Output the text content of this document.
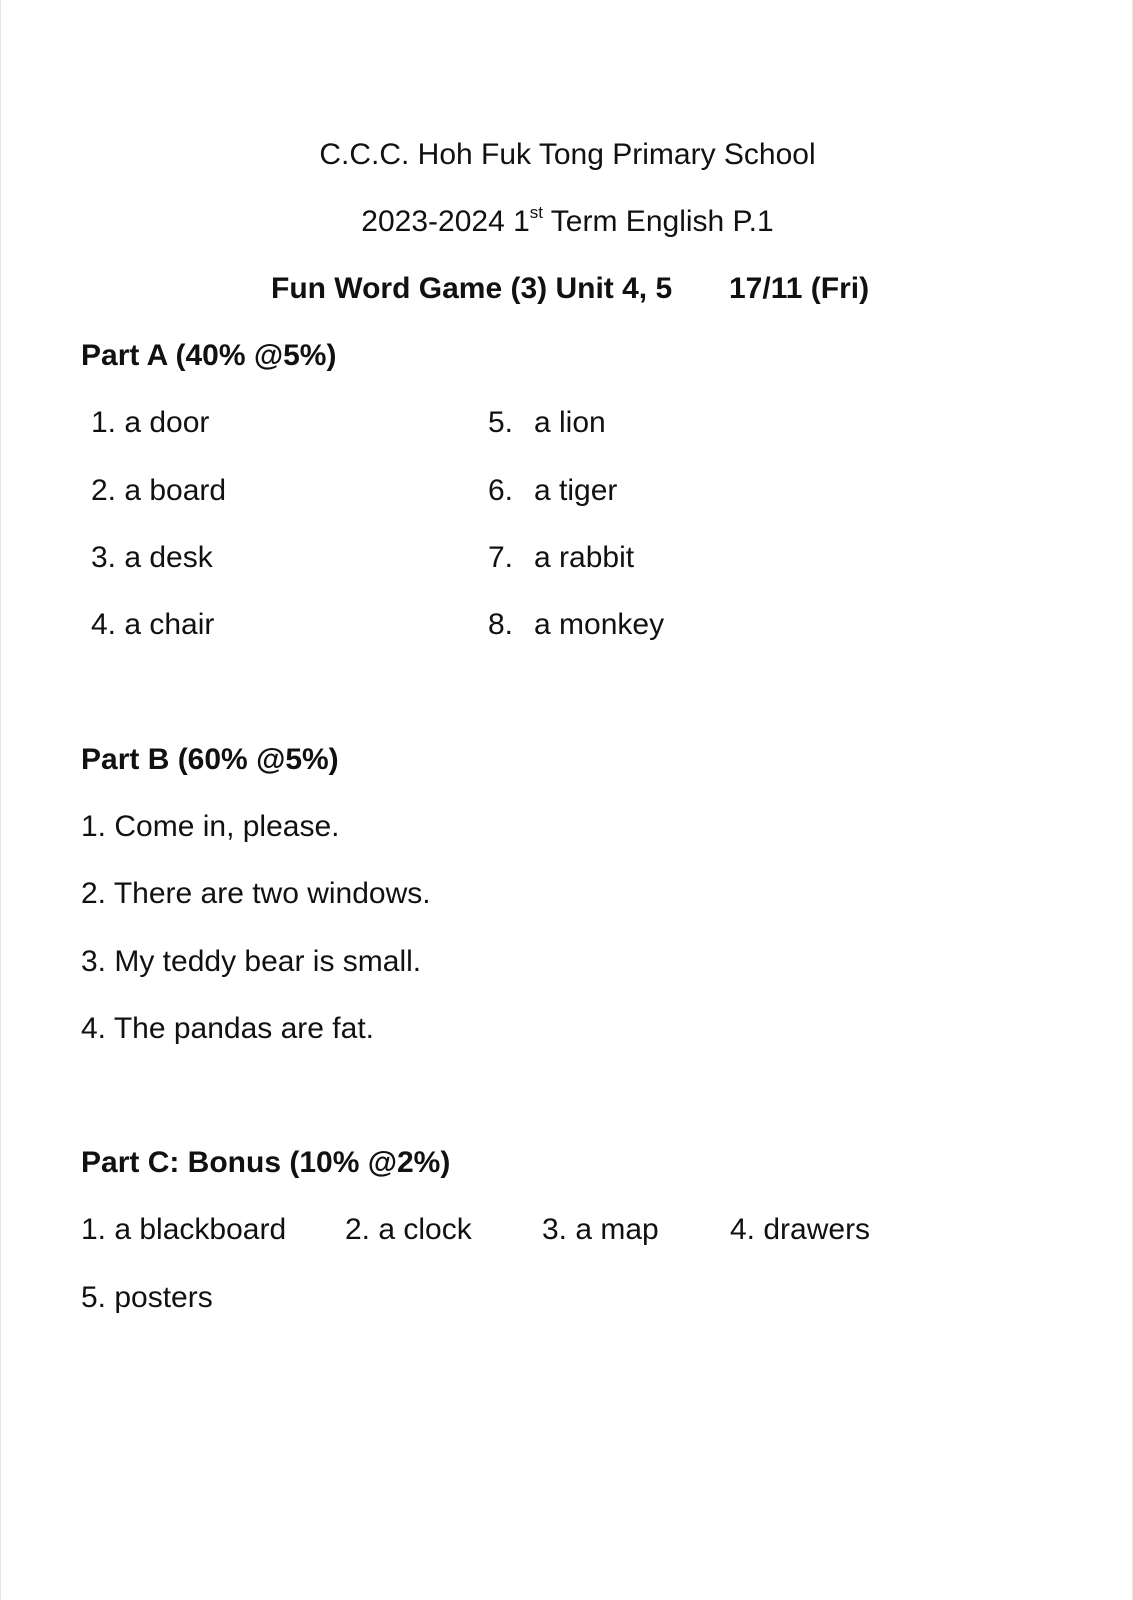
C.C.C. Hoh Fuk Tong Primary School
2023-2024 1st Term English P.1
Fun Word Game (3) Unit 4, 5 17/11 (Fri)
Part A (40% @5%)
1. a door
2. a board
3. a desk
4. a chair
5. a lion
6. a tiger
7. a rabbit
8. a monkey
Part B (60% @5%)
1. Come in, please.
2. There are two windows.
3. My teddy bear is small.
4. The pandas are fat.
Part C: Bonus (10% @2%)
1. a blackboard 2. a clock 3. a map 4. drawers
5. posters
